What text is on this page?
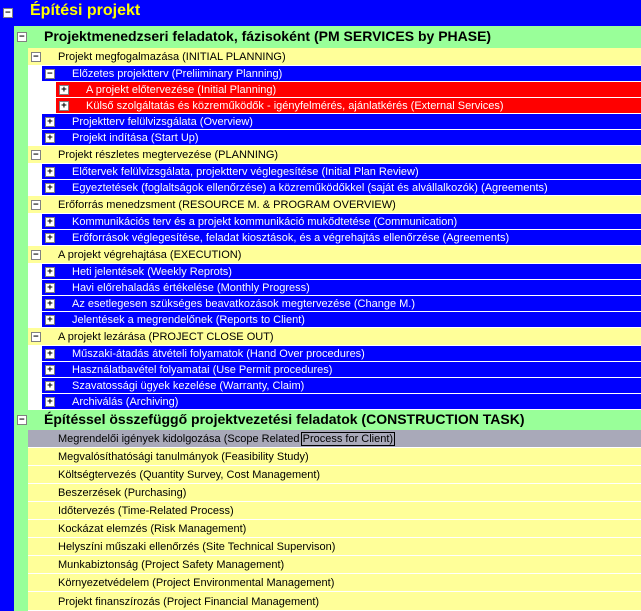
− Építési projekt
− Projektmenedzseri feladatok, fázisoként (PM SERVICES by PHASE)
− Projekt megfogalmazása (INITIAL PLANNING)
− Előzetes projektterv (Preliiminary Planning)
+ A projekt előtervezése (Initial Planning)
+ Külső szolgáltatás és közreműködők - igényfelmérés, ajánlatkérés (External Services)
+ Projektterv felülvizsgálata (Overview)
+ Projekt indítása (Start Up)
− Projekt részletes megtervezése (PLANNING)
+ Előtervek felülvizsgálata, projektterv véglegesítése (Initial Plan Review)
+ Egyeztetések (foglaltságok ellenőrzése) a közreműködőkkel (saját és alvállalkozók) (Agreements)
− Erőforrás menedzsment (RESOURCE M. & PROGRAM OVERVIEW)
+ Kommunikációs terv és a projekt kommunikáció mukődtetése (Communication)
+ Erőforrások véglegesítése, feladat kiosztások, és a végrehajtás ellenőrzése (Agreements)
− A projekt végrehajtása (EXECUTION)
+ Heti jelentések (Weekly Reprots)
+ Havi előrehaladás értékelése (Monthly Progress)
+ Az esetlegesen szükséges beavatkozások megtervezése (Change M.)
+ Jelentések a megrendelőnek (Reports to Client)
− A projekt lezárása (PROJECT CLOSE OUT)
+ Műszaki-átadás átvételi folyamatok (Hand Over procedures)
+ Használatbavétel folyamatai (Use Permit procedures)
+ Szavatossági ügyek kezelése (Warranty, Claim)
+ Archiválás (Archiving)
− Építéssel összefüggő projektvezetési feladatok (CONSTRUCTION TASK)
Megrendelői igények kidolgozása (Scope Related Process for Client)
Megvalósíthatósági tanulmányok (Feasibility Study)
Költségtervezés (Quantity Survey, Cost Management)
Beszerzések (Purchasing)
Időtervezés (Time-Related Process)
Kockázat elemzés (Risk Management)
Helyszíni műszaki ellenőrzés (Site Technical Supervison)
Munkabiztonság (Project Safety Management)
Környezetvédelem (Project Environmental Management)
Projekt finanszírozás (Project Financial Management)
